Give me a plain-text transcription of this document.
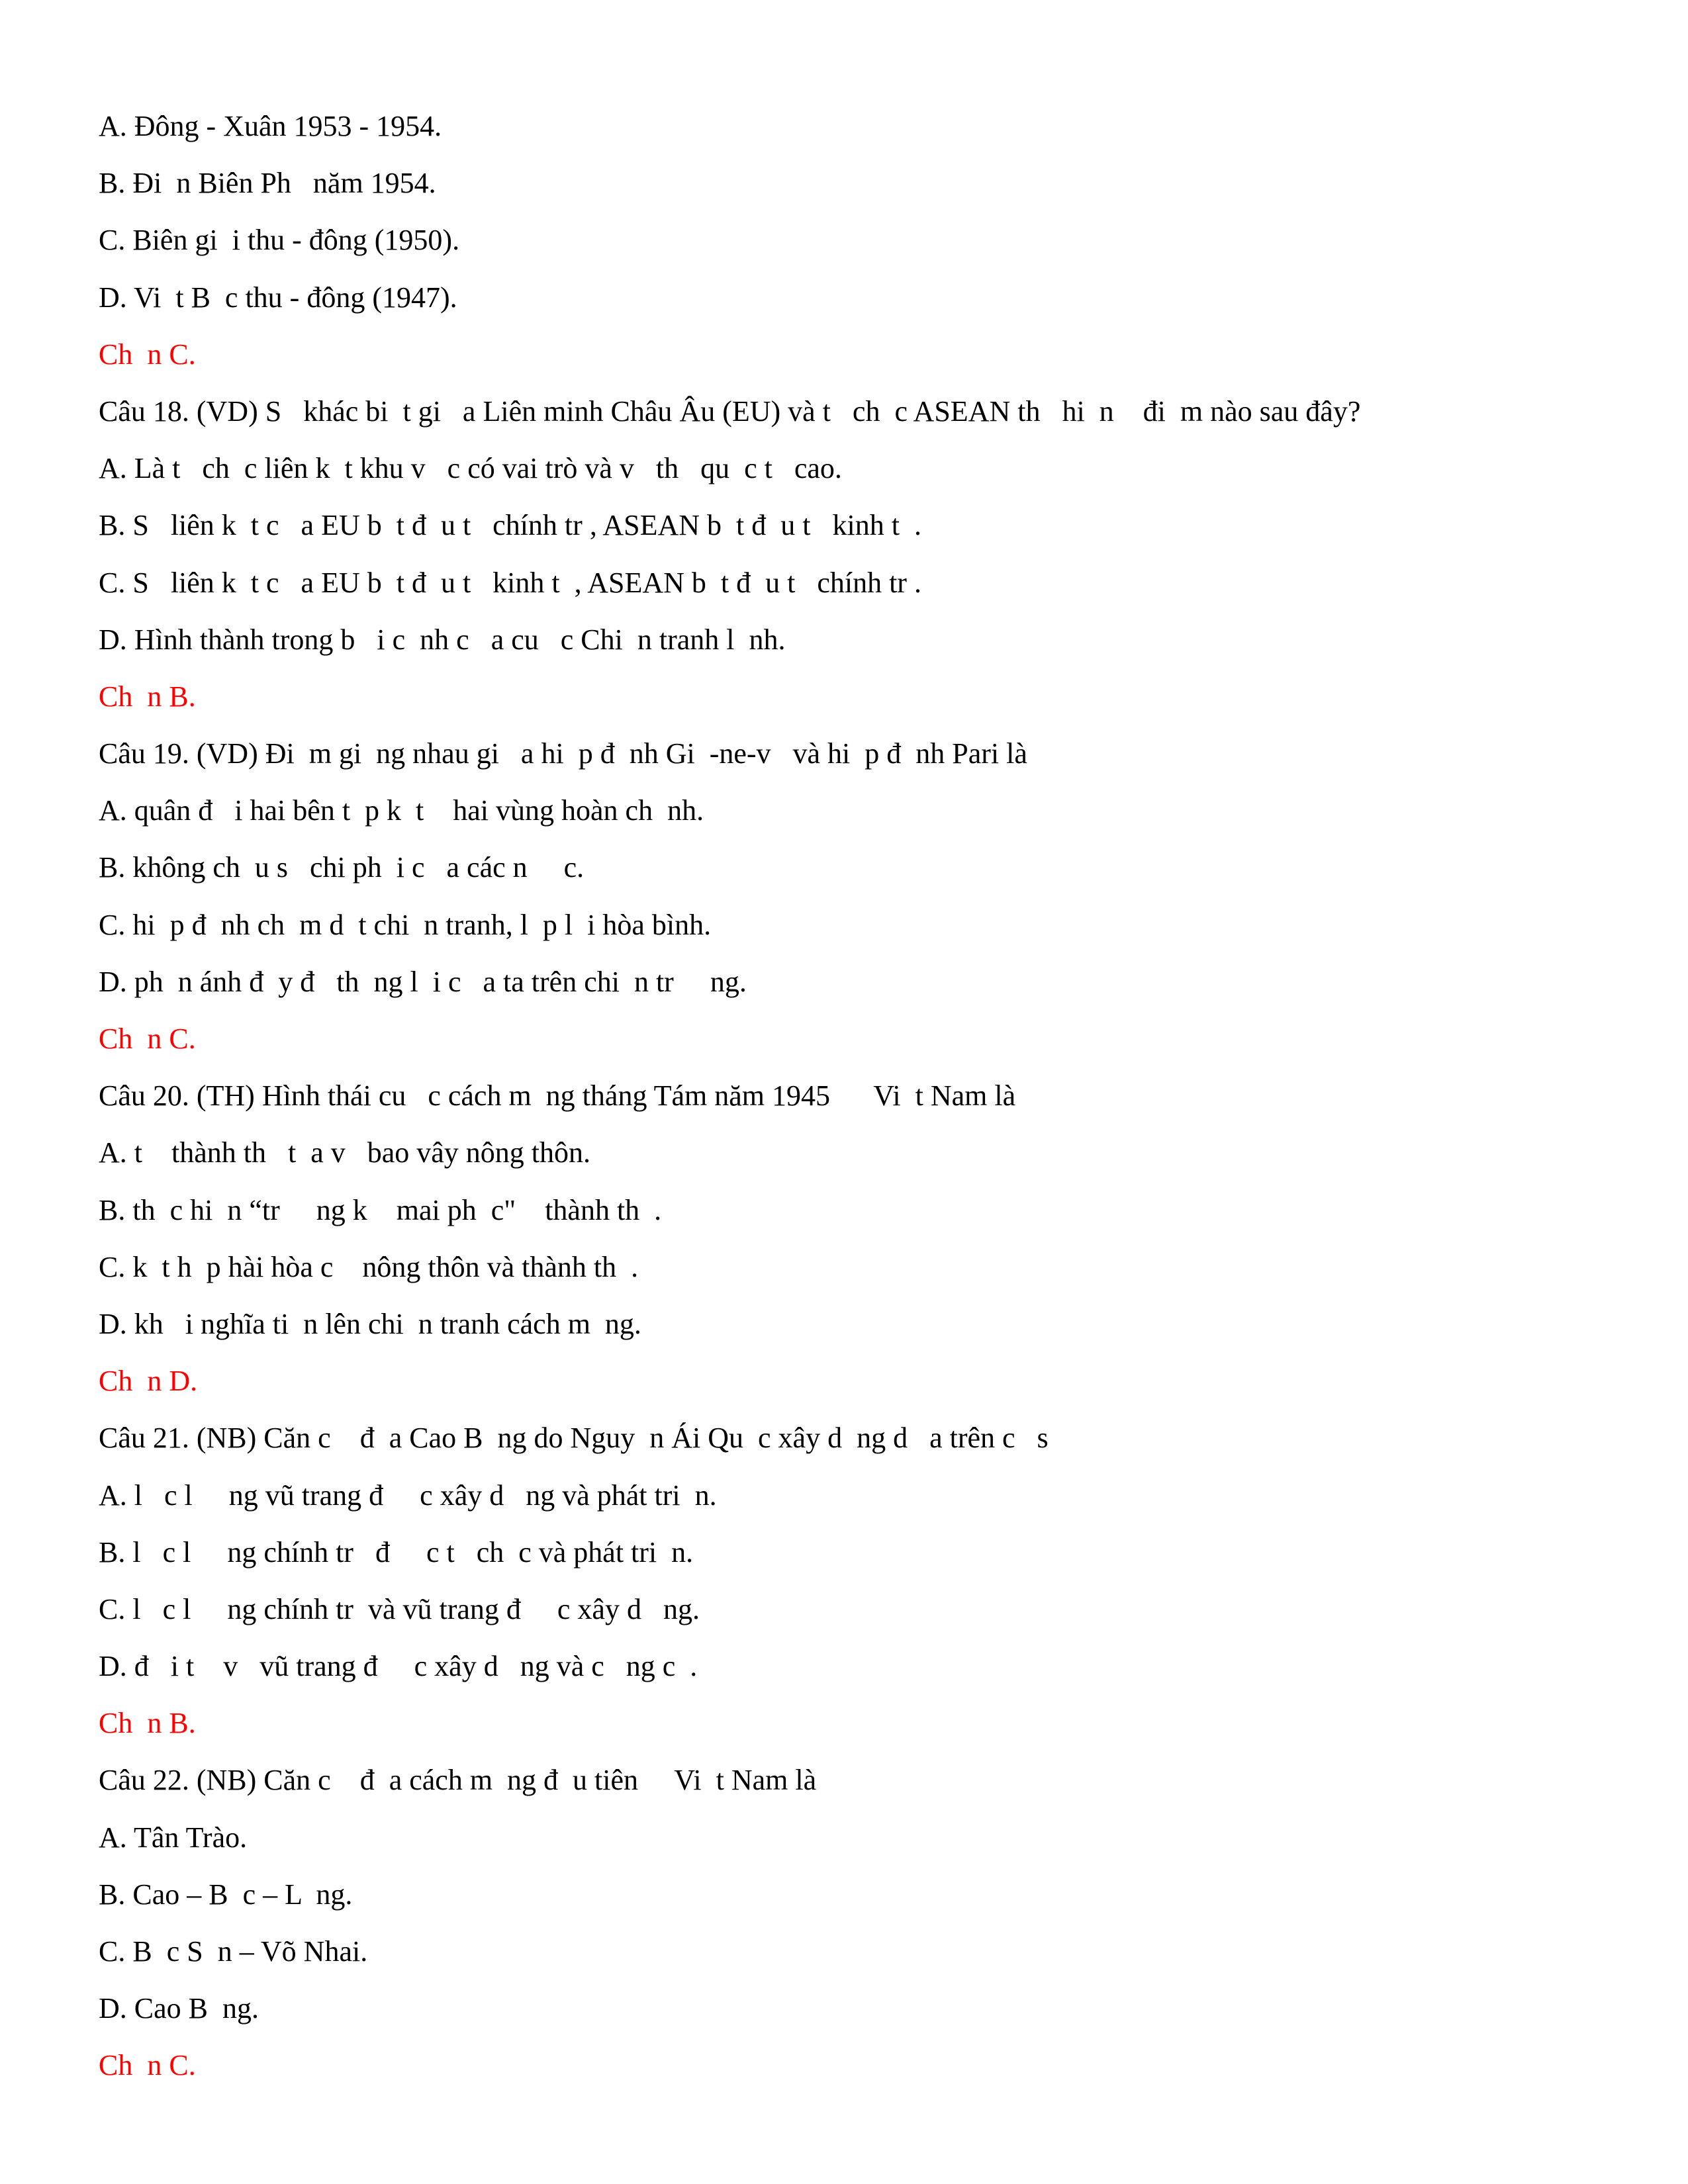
A. Đông - Xuân 1953 - 1954.
B. Đi  n Biên Ph   năm 1954.
C. Biên gi  i thu - đông (1950).
D. Vi  t B  c thu - đông (1947).
Ch  n C.
Câu 18. (VD) S   khác bi  t gi   a Liên minh Châu Âu (EU) và t   ch  c ASEAN th   hi  n    đi  m nào sau đây?
A. Là t   ch  c liên k  t khu v   c có vai trò và v   th   qu  c t   cao.
B. S   liên k  t c   a EU b  t đ  u t   chính tr , ASEAN b  t đ  u t   kinh t  .
C. S   liên k  t c   a EU b  t đ  u t   kinh t  , ASEAN b  t đ  u t   chính tr .
D. Hình thành trong b   i c  nh c   a cu   c Chi  n tranh l  nh.
Ch  n B.
Câu 19. (VD) Đi  m gi  ng nhau gi   a hi  p đ  nh Gi  -ne-v   và hi  p đ  nh Pari là
A. quân đ   i hai bên t  p k  t    hai vùng hoàn ch  nh.
B. không ch  u s   chi ph  i c   a các n     c.
C. hi  p đ  nh ch  m d  t chi  n tranh, l  p l  i hòa bình.
D. ph  n ánh đ  y đ   th  ng l  i c   a ta trên chi  n tr     ng.
Ch  n C.
Câu 20. (TH) Hình thái cu   c cách m  ng tháng Tám năm 1945      Vi  t Nam là
A. t    thành th   t  a v   bao vây nông thôn.
B. th  c hi  n “tr     ng k    mai ph  c"    thành th  .
C. k  t h  p hài hòa c    nông thôn và thành th  .
D. kh   i nghĩa ti  n lên chi  n tranh cách m  ng.
Ch  n D.
Câu 21. (NB) Căn c    đ  a Cao B  ng do Nguy  n Ái Qu  c xây d  ng d   a trên c   s
A. l   c l     ng vũ trang đ     c xây d   ng và phát tri  n.
B. l   c l     ng chính tr   đ     c t   ch  c và phát tri  n.
C. l   c l     ng chính tr  và vũ trang đ     c xây d   ng.
D. đ   i t    v   vũ trang đ     c xây d   ng và c   ng c  .
Ch  n B.
Câu 22. (NB) Căn c    đ  a cách m  ng đ  u tiên     Vi  t Nam là
A. Tân Trào.
B. Cao – B  c – L  ng.
C. B  c S  n – Võ Nhai.
D. Cao B  ng.
Ch  n C.
